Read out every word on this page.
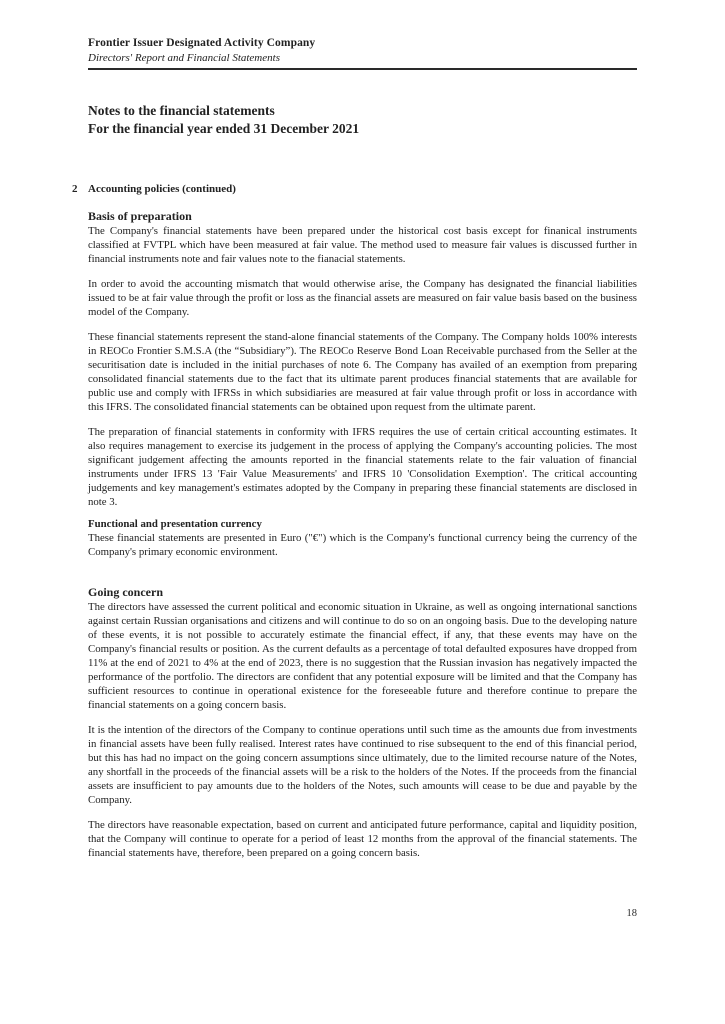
Frontier Issuer Designated Activity Company
Directors' Report and Financial Statements
Notes to the financial statements
For the financial year ended 31 December 2021
2 Accounting policies (continued)
Basis of preparation

The Company's financial statements have been prepared under the historical cost basis except for finanical instruments classified at FVTPL which have been measured at fair value. The method used to measure fair values is discussed further in financial instruments note and fair values note to the fianacial statements.

In order to avoid the accounting mismatch that would otherwise arise, the Company has designated the financial liabilities issued to be at fair value through the profit or loss as the financial assets are measured on fair value basis based on the business model of the Company.

These financial statements represent the stand-alone financial statements of the Company. The Company holds 100% interests in REOCo Frontier S.M.S.A (the “Subsidiary”). The REOCo Reserve Bond Loan Receivable purchased from the Seller at the securitisation date is included in the initial purchases of note 6. The Company has availed of an exemption from preparing consolidated financial statements due to the fact that its ultimate parent produces financial statements that are available for public use and comply with IFRSs in which subsidiaries are measured at fair value through profit or loss in accordance with this IFRS. The consolidated financial statements can be obtained upon request from the ultimate parent.

The preparation of financial statements in conformity with IFRS requires the use of certain critical accounting estimates. It also requires management to exercise its judgement in the process of applying the Company's accounting policies. The most significant judgement affecting the amounts reported in the financial statements relate to the fair valuation of financial instruments under IFRS 13 'Fair Value Measurements' and IFRS 10 'Consolidation Exemption'. The critical accounting judgements and key management's estimates adopted by the Company in preparing these financial statements are disclosed in note 3.

Functional and presentation currency

These financial statements are presented in Euro ("€") which is the Company's functional currency being the currency of the Company's primary economic environment.

Going concern

The directors have assessed the current political and economic situation in Ukraine, as well as ongoing international sanctions against certain Russian organisations and citizens and will continue to do so on an ongoing basis. Due to the developing nature of these events, it is not possible to accurately estimate the financial effect, if any, that these events may have on the Company's financial results or position. As the current defaults as a percentage of total defaulted exposures have dropped from 11% at the end of 2021 to 4% at the end of 2023, there is no suggestion that the Russian invasion has negatively impacted the performance of the portfolio. The directors are confident that any potential exposure will be limited and that the Company has sufficient resources to continue in operational existence for the foreseeable future and therefore continue to prepare the financial statements on a going concern basis.

It is the intention of the directors of the Company to continue operations until such time as the amounts due from investments in financial assets have been fully realised. Interest rates have continued to rise subsequent to the end of this financial period, but this has had no impact on the going concern assumptions since ultimately, due to the limited recourse nature of the Notes, any shortfall in the proceeds of the financial assets will be a risk to the holders of the Notes. If the proceeds from the financial assets are insufficient to pay amounts due to the holders of the Notes, such amounts will cease to be due and payable by the Company.

The directors have reasonable expectation, based on current and anticipated future performance, capital and liquidity position, that the Company will continue to operate for a period of least 12 months from the approval of the financial statements. The financial statements have, therefore, been prepared on a going concern basis.

18
